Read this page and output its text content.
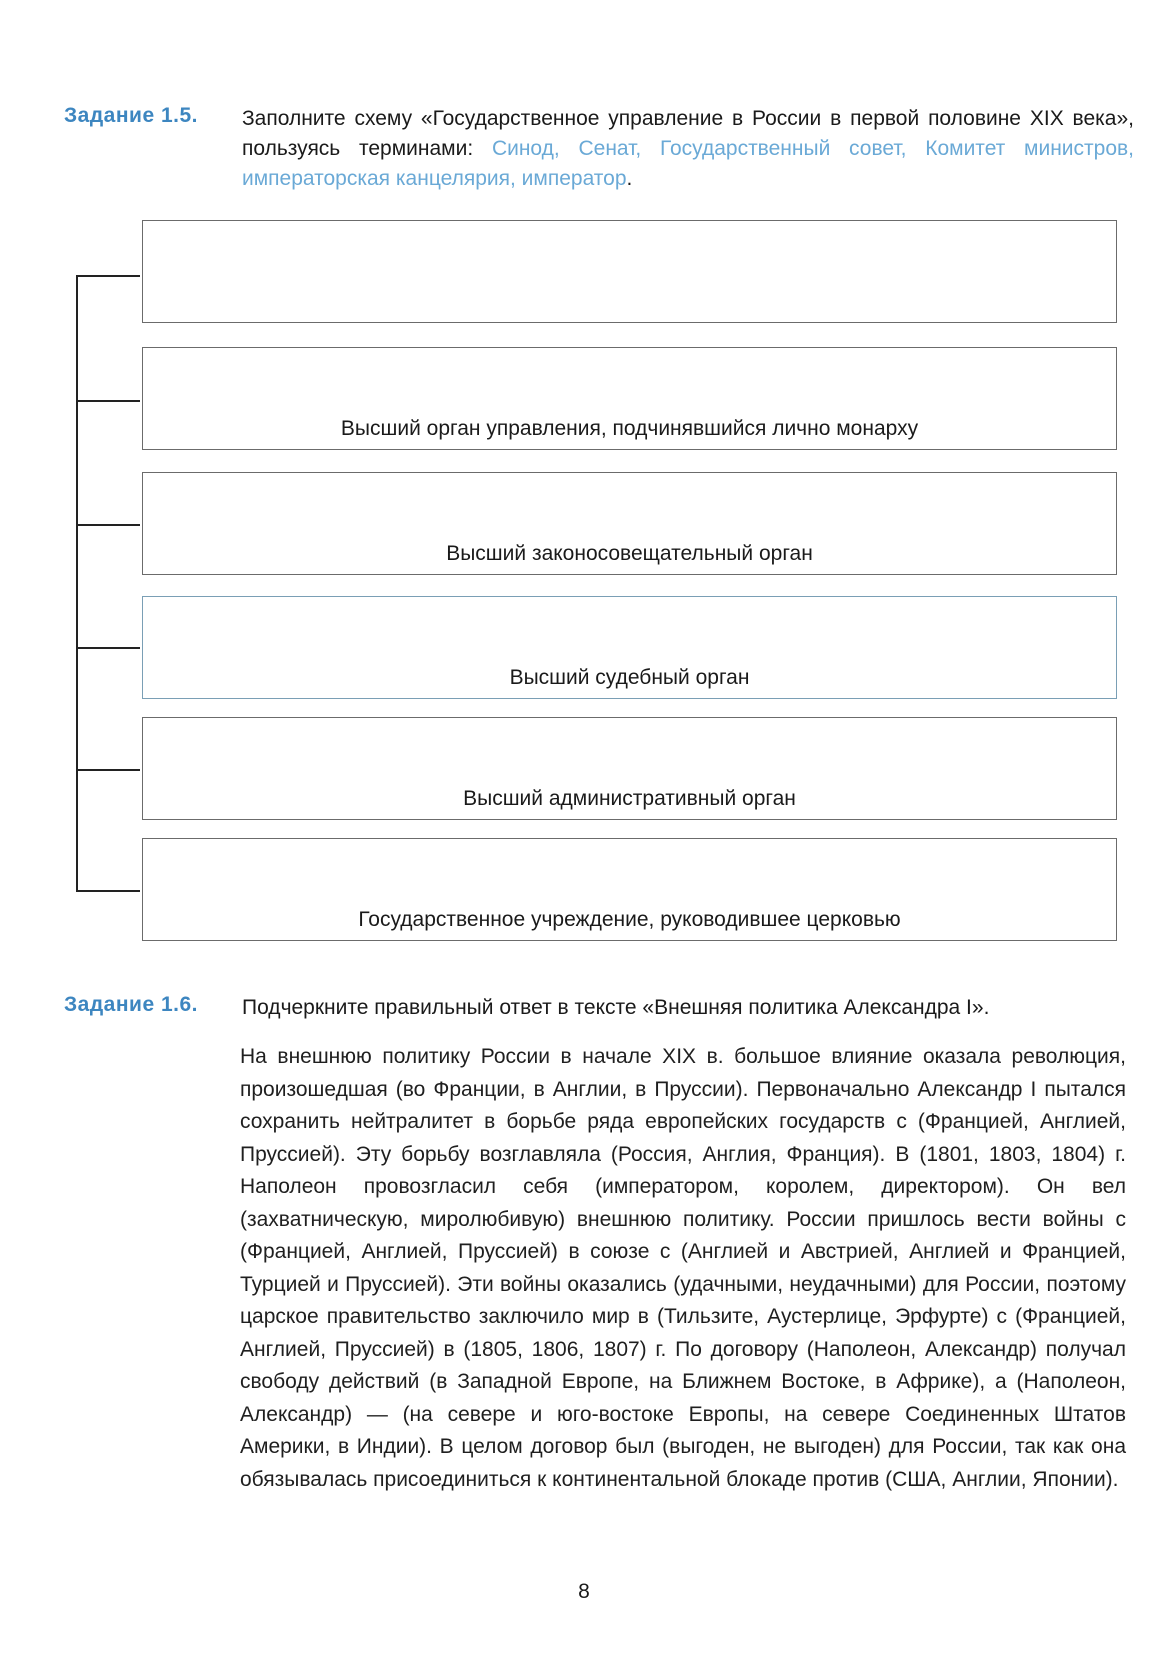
Задание 1.5. Заполните схему «Государственное управление в России в первой половине XIX века», пользуясь терминами: Синод, Сенат, Государственный совет, Комитет министров, императорская канцелярия, император.
Высший орган управления, подчинявшийся лично монарху
Высший законосовещательный орган
Высший судебный орган
Высший административный орган
Государственное учреждение, руководившее церковью
Задание 1.6. Подчеркните правильный ответ в тексте «Внешняя политика Александра I».
На внешнюю политику России в начале XIX в. большое влияние оказала революция, произошедшая (во Франции, в Англии, в Пруссии). Первоначально Александр I пытался сохранить нейтралитет в борьбе ряда европейских государств с (Францией, Англией, Пруссией). Эту борьбу возглавляла (Россия, Англия, Франция). В (1801, 1803, 1804) г. Наполеон провозгласил себя (императором, королем, директором). Он вел (захватническую, миролюбивую) внешнюю политику. России пришлось вести войны с (Францией, Англией, Пруссией) в союзе с (Англией и Австрией, Англией и Францией, Турцией и Пруссией). Эти войны оказались (удачными, неудачными) для России, поэтому царское правительство заключило мир в (Тильзите, Аустерлице, Эрфурте) с (Францией, Англией, Пруссией) в (1805, 1806, 1807) г. По договору (Наполеон, Александр) получал свободу действий (в Западной Европе, на Ближнем Востоке, в Африке), а (Наполеон, Александр) — (на севере и юго-востоке Европы, на севере Соединенных Штатов Америки, в Индии). В целом договор был (выгоден, не выгоден) для России, так как она обязывалась присоединиться к континентальной блокаде против (США, Англии, Японии).
8
